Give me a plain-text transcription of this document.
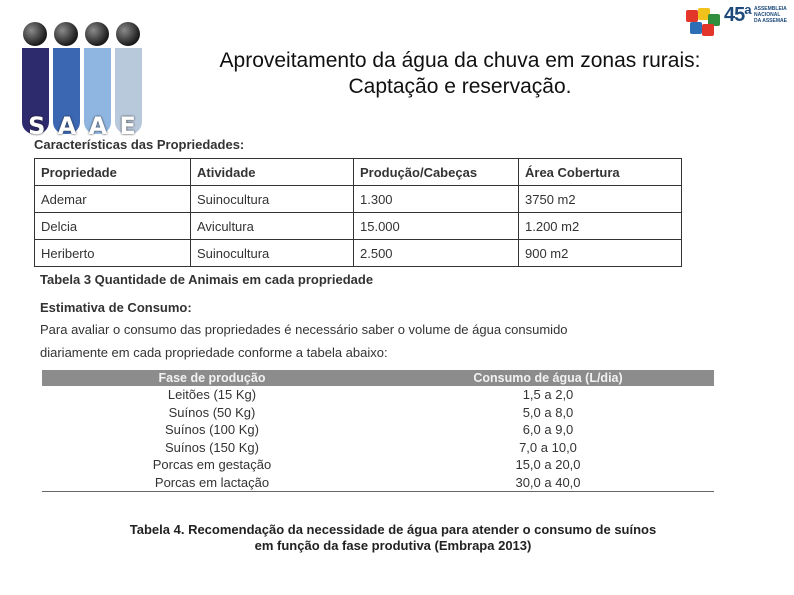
S A A E
45ª ASSEMBLEIA
NACIONAL
DA ASSEMAE
Aproveitamento da água da chuva em zonas rurais:
Captação e reservação.
Características das Propriedades:
Propriedade	Atividade	Produção/Cabeças	Área Cobertura
Ademar	Suinocultura	1.300	3750 m2
Delcia	Avicultura	15.000	1.200 m2
Heriberto	Suinocultura	2.500	900 m2
Tabela 3 Quantidade de Animais em cada propriedade
Estimativa de Consumo:
Para avaliar o consumo das propriedades é necessário saber o volume de água consumido
diariamente em cada propriedade conforme a tabela abaixo:
Fase de produção	Consumo de água (L/dia)
Leitões (15 Kg)	1,5 a 2,0
Suínos (50 Kg)	5,0 a 8,0
Suínos (100 Kg)	6,0 a 9,0
Suínos (150 Kg)	7,0 a 10,0
Porcas em gestação	15,0 a 20,0
Porcas em lactação	30,0 a 40,0
Tabela 4. Recomendação da necessidade de água para atender o consumo de suínos
em função da fase produtiva (Embrapa 2013)
